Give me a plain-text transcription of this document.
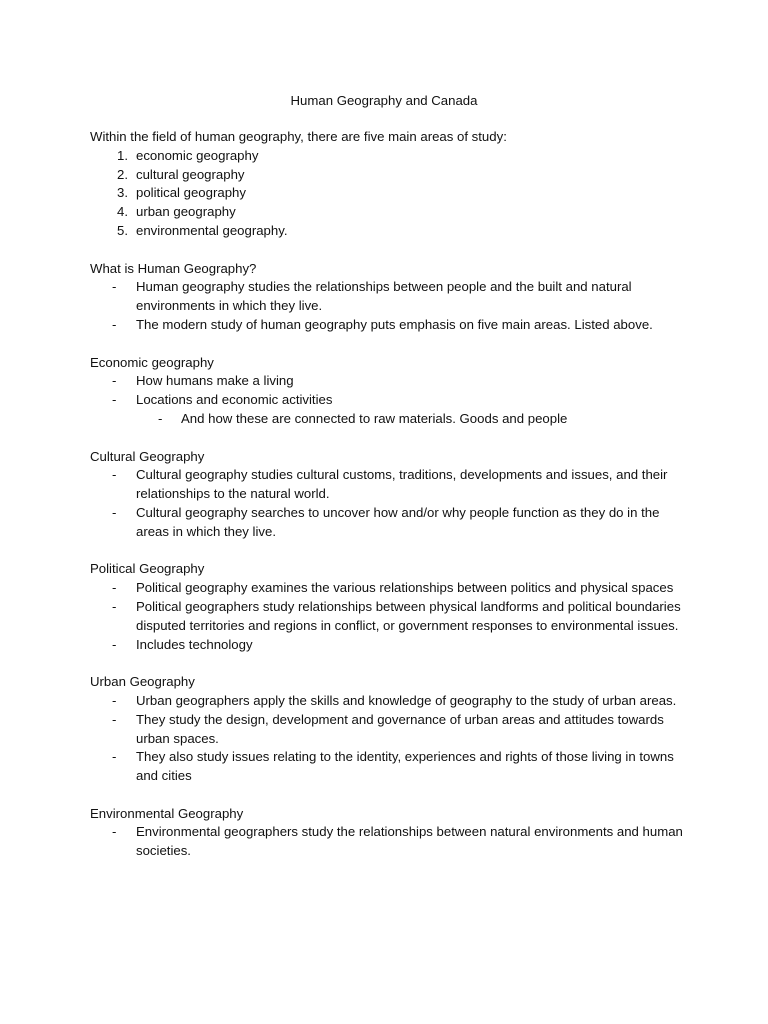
Human Geography and Canada

Within the field of human geography, there are five main areas of study:

1. economic geography
2. cultural geography
3. political geography
4. urban geography
5. environmental geography.

What is Human Geography?

- Human geography studies the relationships between people and the built and natural environments in which they live.
- The modern study of human geography puts emphasis on five main areas. Listed above.

Economic geography

- How humans make a living
- Locations and economic activities
- And how these are connected to raw materials. Goods and people

Cultural Geography

- Cultural geography studies cultural customs, traditions, developments and issues, and their relationships to the natural world.
- Cultural geography searches to uncover how and/or why people function as they do in the areas in which they live.

Political Geography

- Political geography examines the various relationships between politics and physical spaces
- Political geographers study relationships between physical landforms and political boundaries disputed territories and regions in conflict, or government responses to environmental issues.
- Includes technology

Urban Geography

- Urban geographers apply the skills and knowledge of geography to the study of urban areas.
- They study the design, development and governance of urban areas and attitudes towards urban spaces.
- They also study issues relating to the identity, experiences and rights of those living in towns and cities

Environmental Geography

- Environmental geographers study the relationships between natural environments and human societies.
